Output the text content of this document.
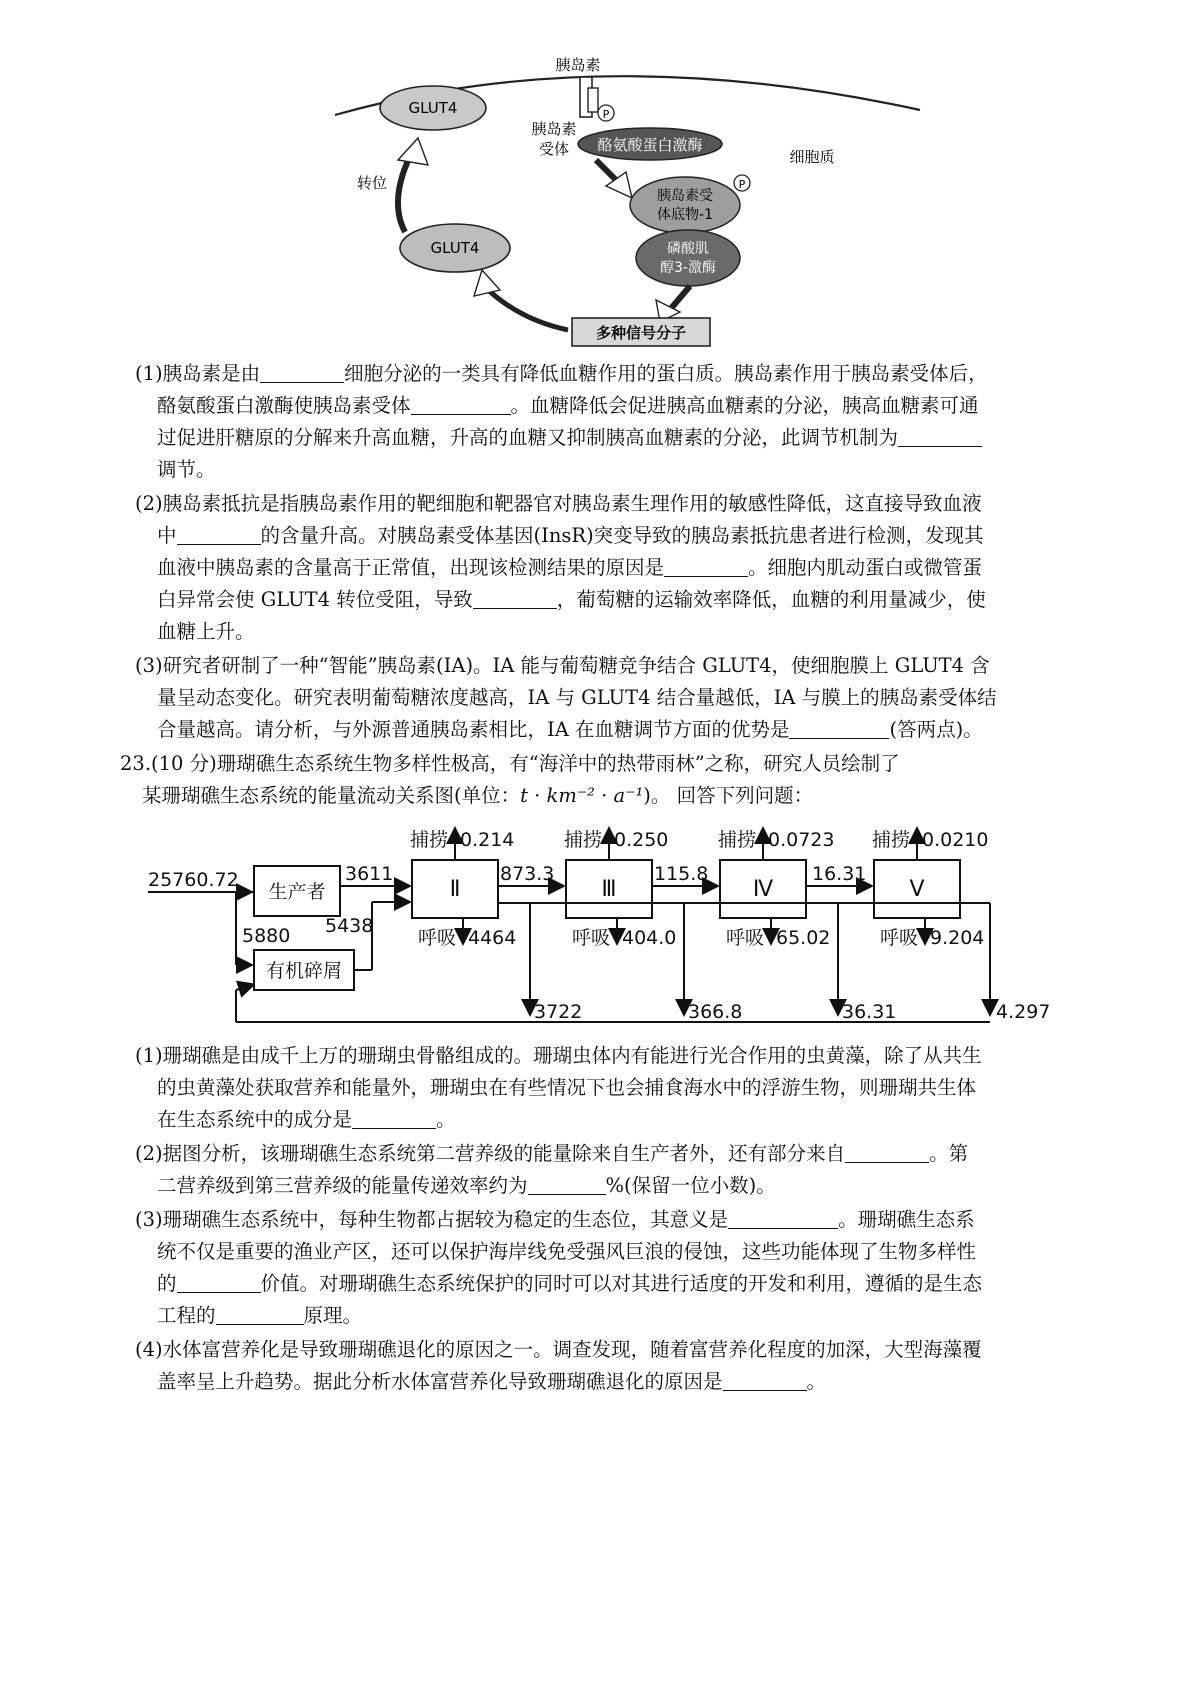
胰岛素
P
GLUT4
胰岛素
受体 酪氨酸蛋白激酶
细胞质
胰岛素受
体底物-1
P
磷酸肌
醇3-激酶
多种信号分子
GLUT4
转位
(1)胰岛素是由	细胞分泌的一类具有降低血糖作用的蛋白质。胰岛素作用于胰岛素受体后，
酪氨酸蛋白激酶使胰岛素受体	。血糖降低会促进胰高血糖素的分泌，胰高血糖素可通
过促进肝糖原的分解来升高血糖，升高的血糖又抑制胰高血糖素的分泌，此调节机制为
调节。
(2)胰岛素抵抗是指胰岛素作用的靶细胞和靶器官对胰岛素生理作用的敏感性降低，这直接导致血液
中	的含量升高。对胰岛素受体基因(InsR)突变导致的胰岛素抵抗患者进行检测，发现其
血液中胰岛素的含量高于正常值，出现该检测结果的原因是	。细胞内肌动蛋白或微管蛋
白异常会使 GLUT4 转位受阻，导致	，葡萄糖的运输效率降低，血糖的利用量减少，使
血糖上升。
(3)研究者研制了一种“智能”胰岛素(IA)。IA 能与葡萄糖竞争结合 GLUT4，使细胞膜上 GLUT4 含
量呈动态变化。研究表明葡萄糖浓度越高，IA 与 GLUT4 结合量越低，IA 与膜上的胰岛素受体结
合量越高。请分析，与外源普通胰岛素相比，IA 在血糖调节方面的优势是	(答两点)。
23.(10 分)珊瑚礁生态系统生物多样性极高，有“海洋中的热带雨林”之称，研究人员绘制了
某珊瑚礁生态系统的能量流动关系图(单位：t · km⁻² · a⁻¹)。 回答下列问题：
25760.72
生产者
3611
5438
5880
有机碎屑
Ⅱ	Ⅲ	Ⅳ	Ⅴ
873.3	115.8	16.31
捕捞 0.214	捕捞 0.250	捕捞 0.0723 捕捞 0.0210
呼吸 4464	呼吸 404.0	呼吸 65.02	呼吸 9.204
3722	366.8	36.31	4.297
(1)珊瑚礁是由成千上万的珊瑚虫骨骼组成的。珊瑚虫体内有能进行光合作用的虫黄藻，除了从共生
的虫黄藻处获取营养和能量外，珊瑚虫在有些情况下也会捕食海水中的浮游生物，则珊瑚共生体
在生态系统中的成分是	。
(2)据图分析，该珊瑚礁生态系统第二营养级的能量除来自生产者外，还有部分来自	。第
二营养级到第三营养级的能量传递效率约为	%(保留一位小数)。
(3)珊瑚礁生态系统中，每种生物都占据较为稳定的生态位，其意义是	。珊瑚礁生态系
统不仅是重要的渔业产区，还可以保护海岸线免受强风巨浪的侵蚀，这些功能体现了生物多样性
的	价值。对珊瑚礁生态系统保护的同时可以对其进行适度的开发和利用，遵循的是生态
工程的	原理。
(4)水体富营养化是导致珊瑚礁退化的原因之一。调查发现，随着富营养化程度的加深，大型海藻覆
盖率呈上升趋势。据此分析水体富营养化导致珊瑚礁退化的原因是	。
